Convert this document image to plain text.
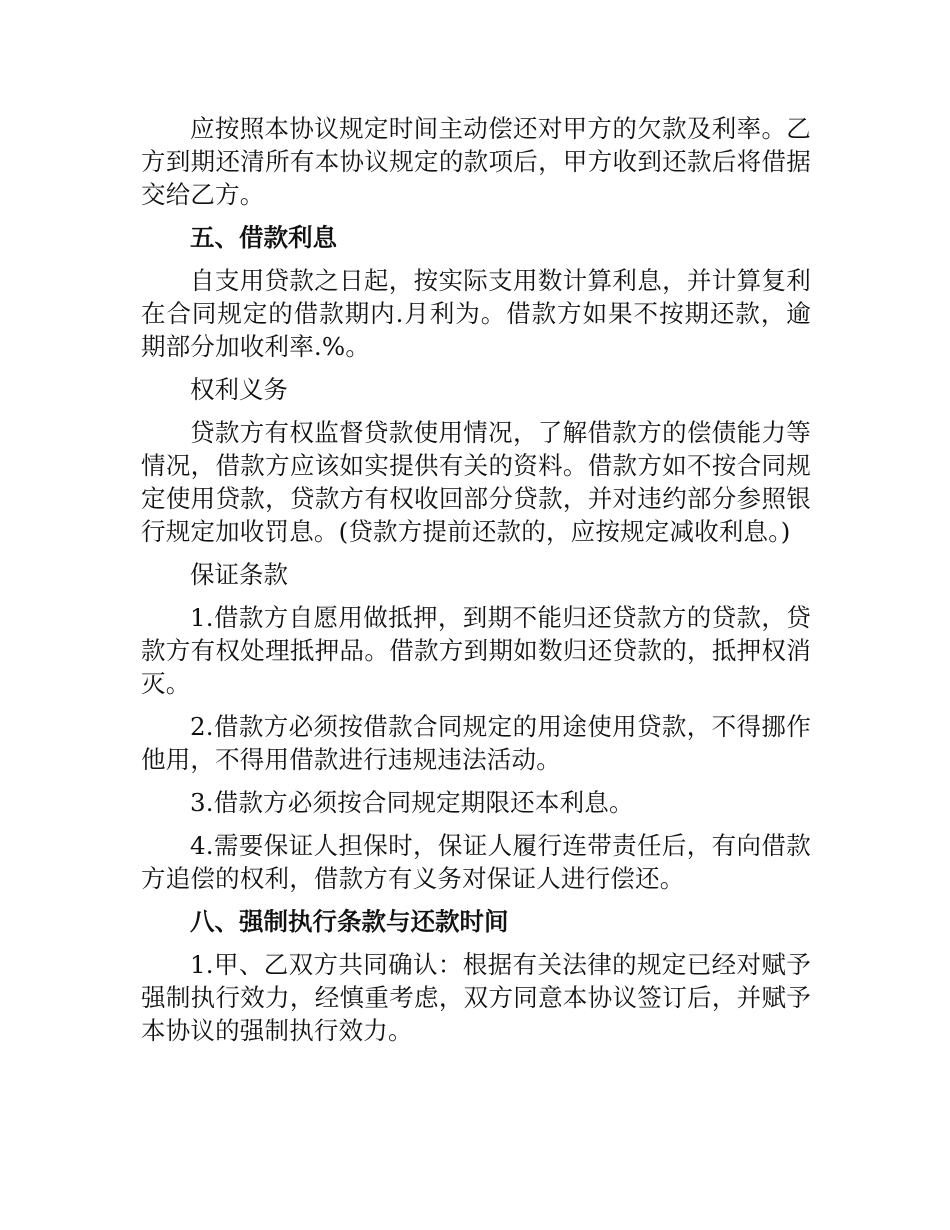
应按照本协议规定时间主动偿还对甲方的欠款及利率。乙方到期还清所有本协议规定的款项后，甲方收到还款后将借据交给乙方。

五、借款利息

自支用贷款之日起，按实际支用数计算利息，并计算复利在合同规定的借款期内.月利为。借款方如果不按期还款，逾期部分加收利率.%。

权利义务

贷款方有权监督贷款使用情况，了解借款方的偿债能力等情况，借款方应该如实提供有关的资料。借款方如不按合同规定使用贷款，贷款方有权收回部分贷款，并对违约部分参照银行规定加收罚息。(贷款方提前还款的，应按规定减收利息。)

保证条款

1.借款方自愿用做抵押，到期不能归还贷款方的贷款，贷款方有权处理抵押品。借款方到期如数归还贷款的，抵押权消灭。

2.借款方必须按借款合同规定的用途使用贷款，不得挪作他用，不得用借款进行违规违法活动。

3.借款方必须按合同规定期限还本利息。

4.需要保证人担保时，保证人履行连带责任后，有向借款方追偿的权利，借款方有义务对保证人进行偿还。

八、强制执行条款与还款时间

1.甲、乙双方共同确认：根据有关法律的规定已经对赋予强制执行效力，经慎重考虑，双方同意本协议签订后，并赋予本协议的强制执行效力。
